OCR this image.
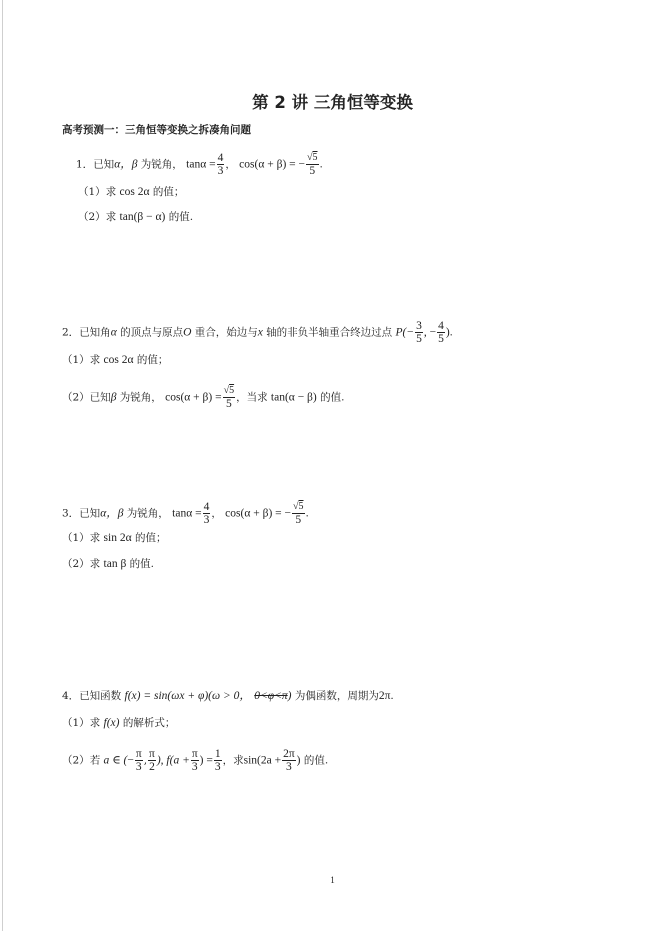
第 2 讲 三角恒等变换
高考预测一：三角恒等变换之拆凑角问题
1．已知α，β 为锐角， $\tan\alpha = \frac{4}{3}$ ， cos(α + β) = − $\frac{√5}{5}$ .
（1）求 cos 2α 的值；
（2）求 tan(β − α) 的值.
2．已知角α 的顶点与原点O 重合，始边与x 轴的非负半轴重合终边过点 $P(- \frac{3}{5}$ , − $\frac{4}{5}$ ).
（1）求 cos 2α 的值；
（2）已知β 为锐角， $\cos(\alpha + \beta) = \frac{√5}{5}$ ，当求 tan(α − β) 的值.
3．已知α，β 为锐角， $\tan\alpha = \frac{4}{3}$ ， cos(α + β) = − $\frac{√5}{5}$ .
（1）求 sin 2α 的值；
（2）求 tan β 的值.
4．已知函数 f(x) = sin(ωx + φ)(ω > 0， 0<φ<π) 为偶函数，周期为2π.
（1）求 f(x) 的解析式；
（2）若 a ∈ (− $\frac{\pi}{3}$ , $\frac{\pi}{2}$ ), $f(a + \frac{\pi}{3}$ ) = $\frac{1}{3}$ ，求$\sin(2a + \frac{2\pi}{3}$ ) 的值.
1
